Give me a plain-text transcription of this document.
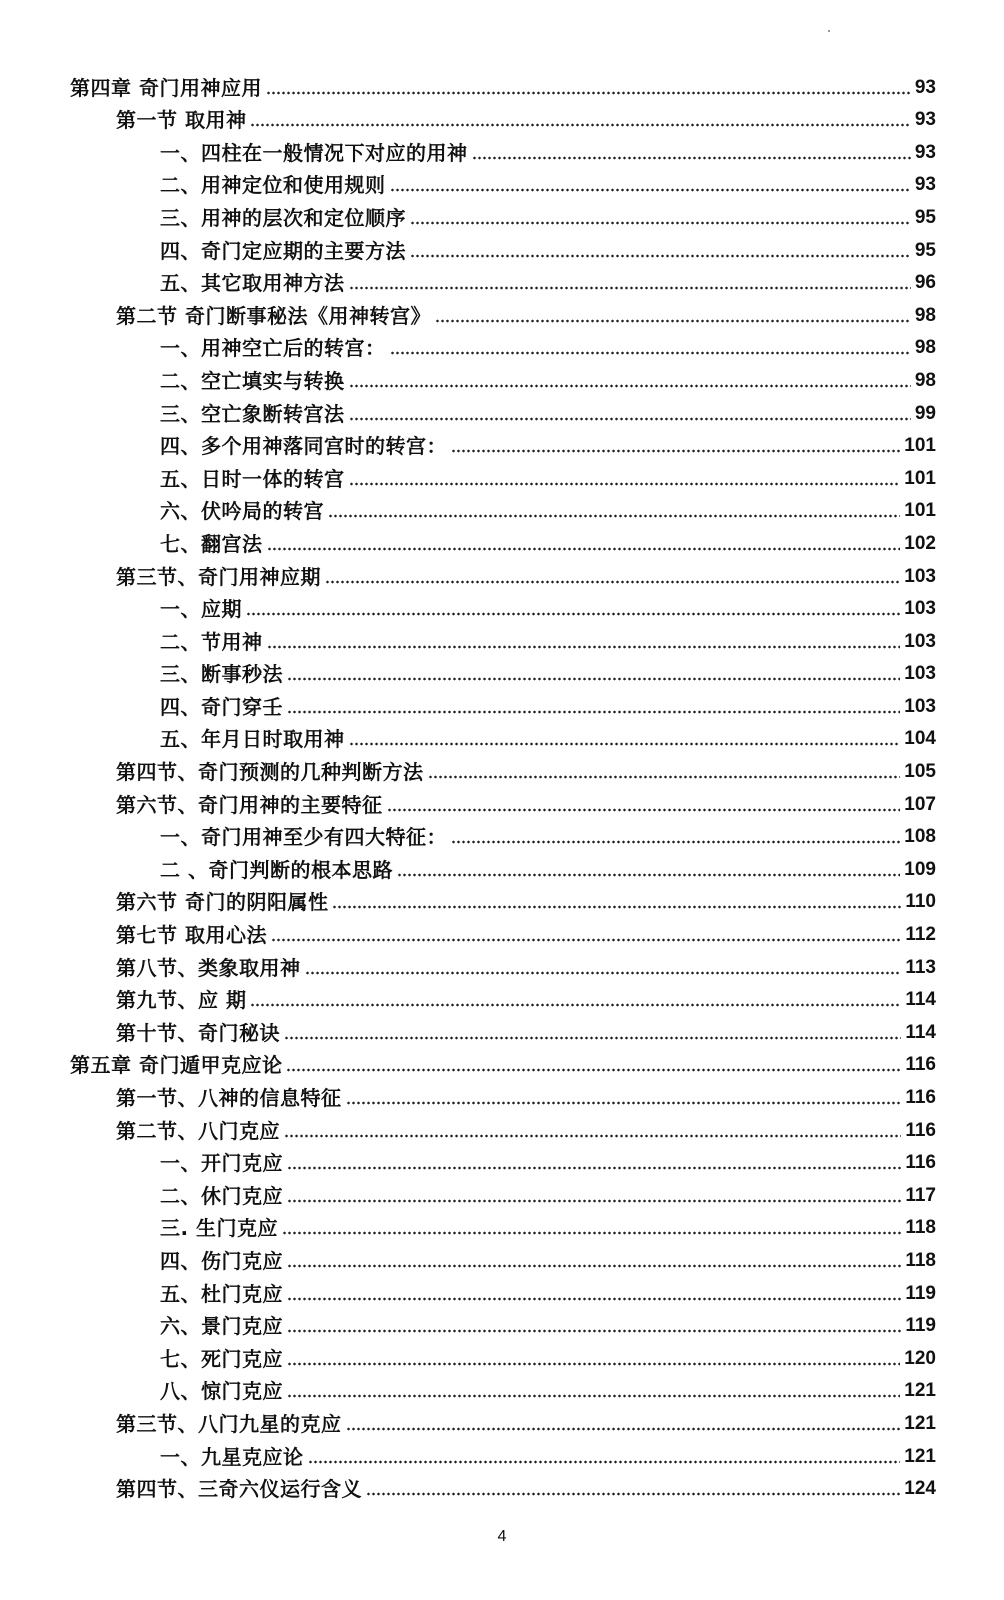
第四章 奇门用神应用	93
第一节 取用神	93
一、四柱在一般情况下对应的用神	93
二、用神定位和使用规则	93
三、用神的层次和定位顺序	95
四、奇门定应期的主要方法	95
五、其它取用神方法	96
第二节 奇门断事秘法《用神转宫》	98
一、用神空亡后的转宫：	98
二、空亡填实与转换	98
三、空亡象断转宫法	99
四、多个用神落同宫时的转宫：	101
五、日时一体的转宫	101
六、伏吟局的转宫	101
七、翻宫法	102
第三节、奇门用神应期	103
一、应期	103
二、节用神	103
三、断事秒法	103
四、奇门穿壬	103
五、年月日时取用神	104
第四节、奇门预测的几种判断方法	105
第六节、奇门用神的主要特征	107
一、奇门用神至少有四大特征：	108
二 、奇门判断的根本思路	109
第六节 奇门的阴阳属性	110
第七节 取用心法	112
第八节、类象取用神	113
第九节、应 期	114
第十节、奇门秘诀	114
第五章 奇门遁甲克应论	116
第一节、八神的信息特征	116
第二节、八门克应	116
一、开门克应	116
二、休门克应	117
三. 生门克应	118
四、伤门克应	118
五、杜门克应	119
六、景门克应	119
七、死门克应	120
八、惊门克应	121
第三节、八门九星的克应	121
一、九星克应论	121
第四节、三奇六仪运行含义	124
4
